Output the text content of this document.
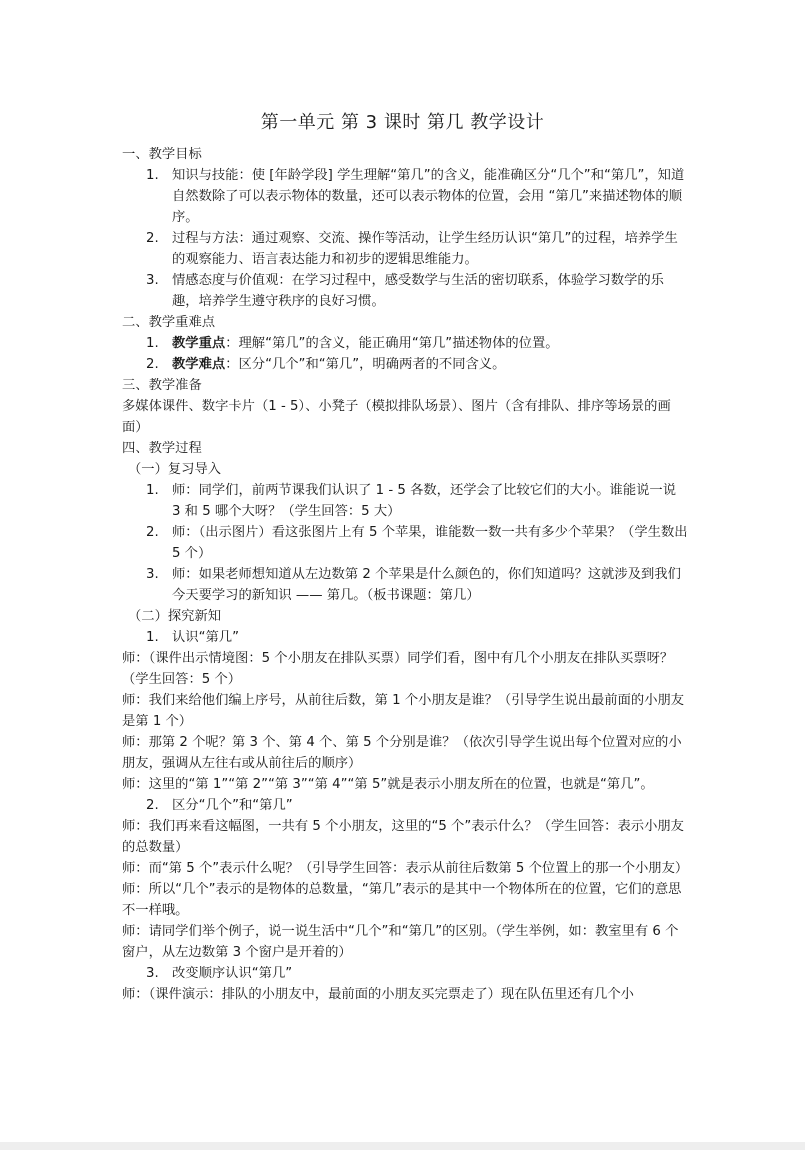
第一单元 第 3 课时 第几 教学设计

一、教学目标

1. 知识与技能：使 [年龄学段] 学生理解“第几”的含义，能准确区分“几个”和“第几”，知道自然数除了可以表示物体的数量，还可以表示物体的位置，会用 “第几”来描述物体的顺序。

2. 过程与方法：通过观察、交流、操作等活动，让学生经历认识“第几”的过程，培养学生的观察能力、语言表达能力和初步的逻辑思维能力。

3. 情感态度与价值观：在学习过程中，感受数学与生活的密切联系，体验学习数学的乐趣，培养学生遵守秩序的良好习惯。

二、教学重难点

1. 教学重点：理解“第几”的含义，能正确用“第几”描述物体的位置。

2. 教学难点：区分“几个”和“第几”，明确两者的不同含义。

三、教学准备

多媒体课件、数字卡片（1 - 5）、小凳子（模拟排队场景）、图片（含有排队、排序等场景的画面）

四、教学过程

（一）复习导入

1. 师：同学们，前两节课我们认识了 1 - 5 各数，还学会了比较它们的大小。谁能说一说 3 和 5 哪个大呀？（学生回答：5 大）

2. 师：（出示图片）看这张图片上有 5 个苹果，谁能数一数一共有多少个苹果？（学生数出 5 个）

3. 师：如果老师想知道从左边数第 2 个苹果是什么颜色的，你们知道吗？这就涉及到我们今天要学习的新知识 —— 第几。（板书课题：第几）

（二）探究新知

1. 认识“第几”

师：（课件出示情境图：5 个小朋友在排队买票）同学们看，图中有几个小朋友在排队买票呀？（学生回答：5 个）

师：我们来给他们编上序号，从前往后数，第 1 个小朋友是谁？（引导学生说出最前面的小朋友是第 1 个）

师：那第 2 个呢？第 3 个、第 4 个、第 5 个分别是谁？（依次引导学生说出每个位置对应的小朋友，强调从左往右或从前往后的顺序）

师：这里的“第 1”“第 2”“第 3”“第 4”“第 5”就是表示小朋友所在的位置，也就是“第几”。

2. 区分“几个”和“第几”

师：我们再来看这幅图，一共有 5 个小朋友，这里的“5 个”表示什么？（学生回答：表示小朋友的总数量）

师：而“第 5 个”表示什么呢？（引导学生回答：表示从前往后数第 5 个位置上的那一个小朋友）

师：所以“几个”表示的是物体的总数量，“第几”表示的是其中一个物体所在的位置，它们的意思不一样哦。

师：请同学们举个例子，说一说生活中“几个”和“第几”的区别。（学生举例，如：教室里有 6 个窗户，从左边数第 3 个窗户是开着的）

3. 改变顺序认识“第几”

师：（课件演示：排队的小朋友中，最前面的小朋友买完票走了）现在队伍里还有几个小
